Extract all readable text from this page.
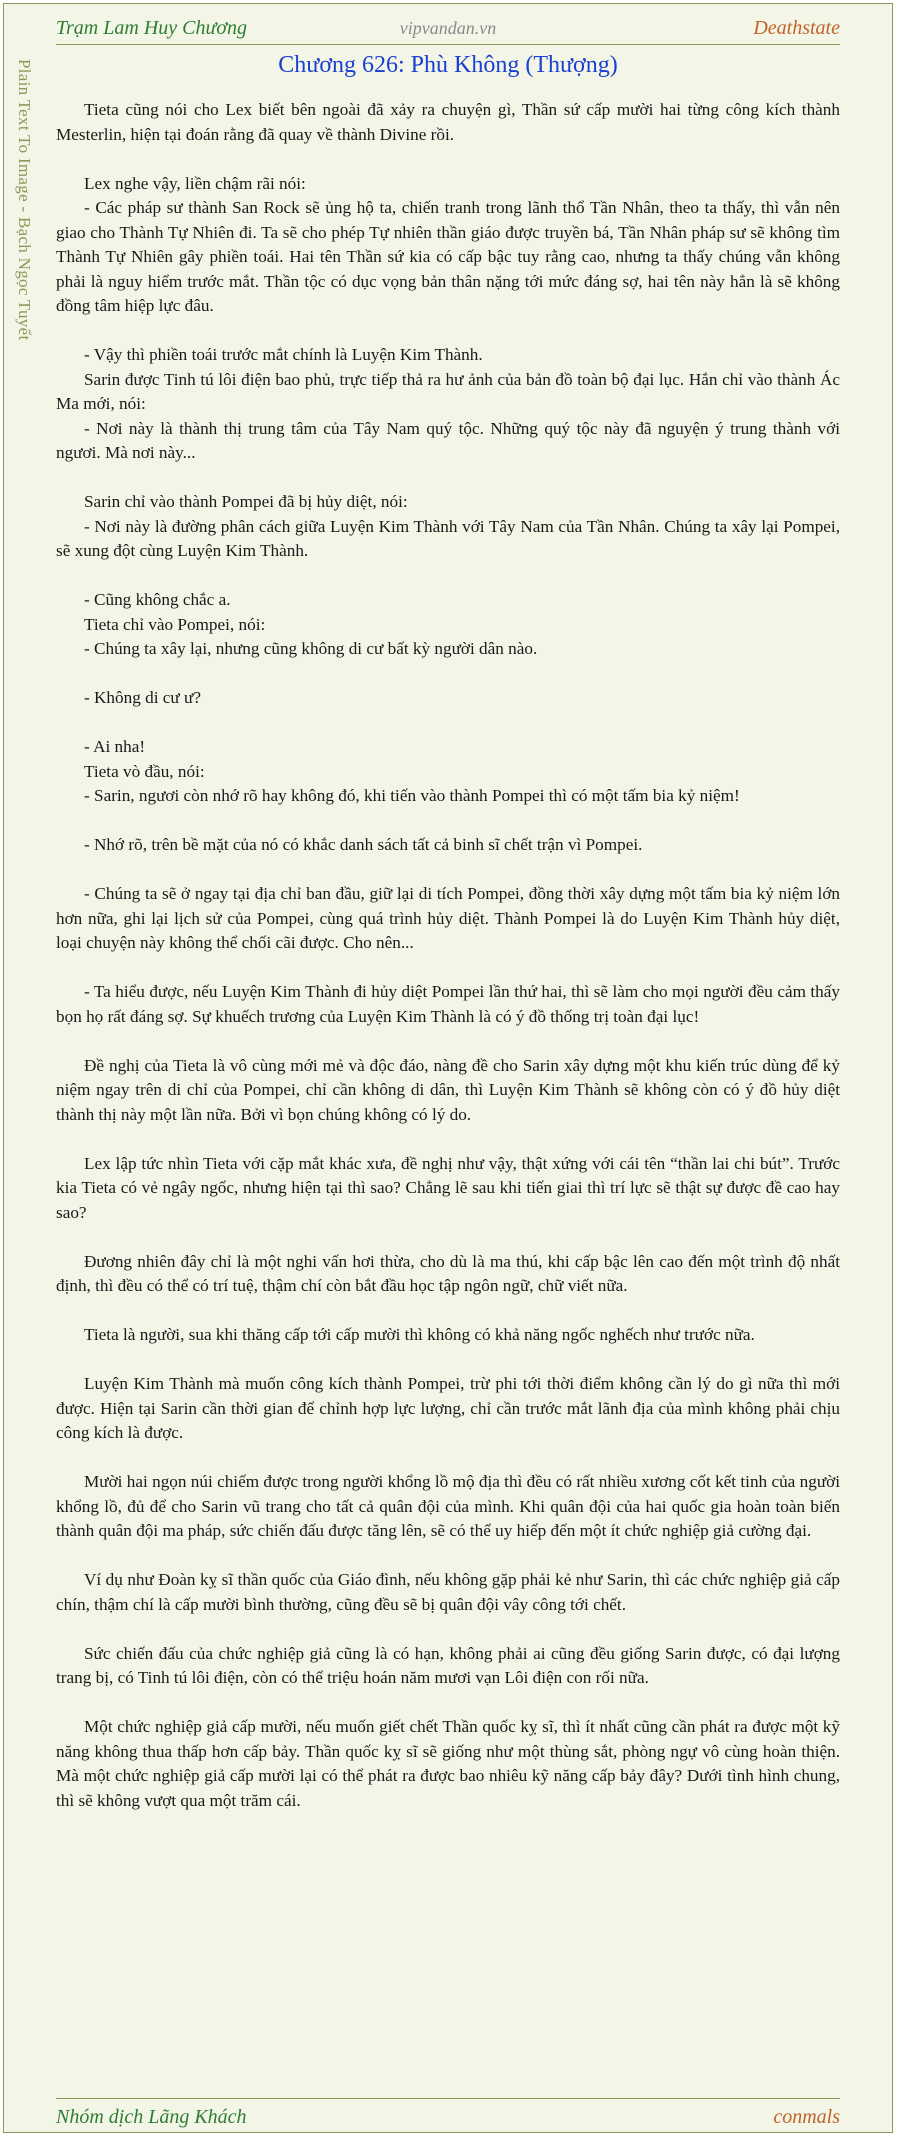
Plain Text To Image - Bạch Ngọc Tuyết
Trạm Lam Huy Chương	vipvandan.vn	Deathstate
Chương 626: Phù Không (Thượng)

Tieta cũng nói cho Lex biết bên ngoài đã xảy ra chuyện gì, Thần sứ cấp mười hai từng công kích thành Mesterlin, hiện tại đoán rằng đã quay về thành Divine rồi.

Lex nghe vậy, liền chậm rãi nói:

- Các pháp sư thành San Rock sẽ ủng hộ ta, chiến tranh trong lãnh thổ Tần Nhân, theo ta thấy, thì vẫn nên giao cho Thành Tự Nhiên đi. Ta sẽ cho phép Tự nhiên thần giáo được truyền bá, Tần Nhân pháp sư sẽ không tìm Thành Tự Nhiên gây phiền toái. Hai tên Thần sứ kia có cấp bậc tuy rằng cao, nhưng ta thấy chúng vẫn không phải là nguy hiểm trước mắt. Thần tộc có dục vọng bản thân nặng tới mức đáng sợ, hai tên này hẳn là sẽ không đồng tâm hiệp lực đâu.

- Vậy thì phiền toái trước mắt chính là Luyện Kim Thành.

Sarin được Tinh tú lôi điện bao phủ, trực tiếp thả ra hư ảnh của bản đồ toàn bộ đại lục. Hắn chỉ vào thành Ác Ma mới, nói:

- Nơi này là thành thị trung tâm của Tây Nam quý tộc. Những quý tộc này đã nguyện ý trung thành với ngươi. Mà nơi này...

Sarin chỉ vào thành Pompei đã bị hủy diệt, nói:

- Nơi này là đường phân cách giữa Luyện Kim Thành với Tây Nam của Tần Nhân. Chúng ta xây lại Pompei, sẽ xung đột cùng Luyện Kim Thành.

- Cũng không chắc a.

Tieta chỉ vào Pompei, nói:

- Chúng ta xây lại, nhưng cũng không di cư bất kỳ người dân nào.

- Không di cư ư?

- Ai nha!

Tieta vò đầu, nói:

- Sarin, ngươi còn nhớ rõ hay không đó, khi tiến vào thành Pompei thì có một tấm bia kỷ niệm!

- Nhớ rõ, trên bề mặt của nó có khắc danh sách tất cả binh sĩ chết trận vì Pompei.

- Chúng ta sẽ ở ngay tại địa chỉ ban đầu, giữ lại di tích Pompei, đồng thời xây dựng một tấm bia kỷ niệm lớn hơn nữa, ghi lại lịch sử của Pompei, cùng quá trình hủy diệt. Thành Pompei là do Luyện Kim Thành hủy diệt, loại chuyện này không thể chối cãi được. Cho nên...

- Ta hiểu được, nếu Luyện Kim Thành đi hủy diệt Pompei lần thứ hai, thì sẽ làm cho mọi người đều cảm thấy bọn họ rất đáng sợ. Sự khuếch trương của Luyện Kim Thành là có ý đồ thống trị toàn đại lục!

Đề nghị của Tieta là vô cùng mới mẻ và độc đáo, nàng đề cho Sarin xây dựng một khu kiến trúc dùng để kỷ niệm ngay trên di chỉ của Pompei, chỉ cần không di dân, thì Luyện Kim Thành sẽ không còn có ý đồ hủy diệt thành thị này một lần nữa. Bởi vì bọn chúng không có lý do.

Lex lập tức nhìn Tieta với cặp mắt khác xưa, đề nghị như vậy, thật xứng với cái tên “thần lai chi bút”. Trước kia Tieta có vẻ ngây ngốc, nhưng hiện tại thì sao? Chẳng lẽ sau khi tiến giai thì trí lực sẽ thật sự được đề cao hay sao?

Đương nhiên đây chỉ là một nghi vấn hơi thừa, cho dù là ma thú, khi cấp bậc lên cao đến một trình độ nhất định, thì đều có thể có trí tuệ, thậm chí còn bắt đầu học tập ngôn ngữ, chữ viết nữa.

Tieta là người, sua khi thăng cấp tới cấp mười thì không có khả năng ngốc nghếch như trước nữa.

Luyện Kim Thành mà muốn công kích thành Pompei, trừ phi tới thời điểm không cần lý do gì nữa thì mới được. Hiện tại Sarin cần thời gian để chỉnh hợp lực lượng, chỉ cần trước mắt lãnh địa của mình không phải chịu công kích là được.

Mười hai ngọn núi chiếm được trong người khổng lồ mộ địa thì đều có rất nhiều xương cốt kết tinh của người khổng lồ, đủ để cho Sarin vũ trang cho tất cả quân đội của mình. Khi quân đội của hai quốc gia hoàn toàn biến thành quân đội ma pháp, sức chiến đấu được tăng lên, sẽ có thể uy hiếp đến một ít chức nghiệp giả cường đại.

Ví dụ như Đoàn kỵ sĩ thần quốc của Giáo đình, nếu không gặp phải kẻ như Sarin, thì các chức nghiệp giả cấp chín, thậm chí là cấp mười bình thường, cũng đều sẽ bị quân đội vây công tới chết.

Sức chiến đấu của chức nghiệp giả cũng là có hạn, không phải ai cũng đều giống Sarin được, có đại lượng trang bị, có Tinh tú lôi điện, còn có thể triệu hoán năm mươi vạn Lôi điện con rối nữa.

Một chức nghiệp giả cấp mười, nếu muốn giết chết Thần quốc kỵ sĩ, thì ít nhất cũng cần phát ra được một kỹ năng không thua thấp hơn cấp bảy. Thần quốc kỵ sĩ sẽ giống như một thùng sắt, phòng ngự vô cùng hoàn thiện. Mà một chức nghiệp giả cấp mười lại có thể phát ra được bao nhiêu kỹ năng cấp bảy đây? Dưới tình hình chung, thì sẽ không vượt qua một trăm cái.

Nhóm dịch Lãng Khách	conmals
